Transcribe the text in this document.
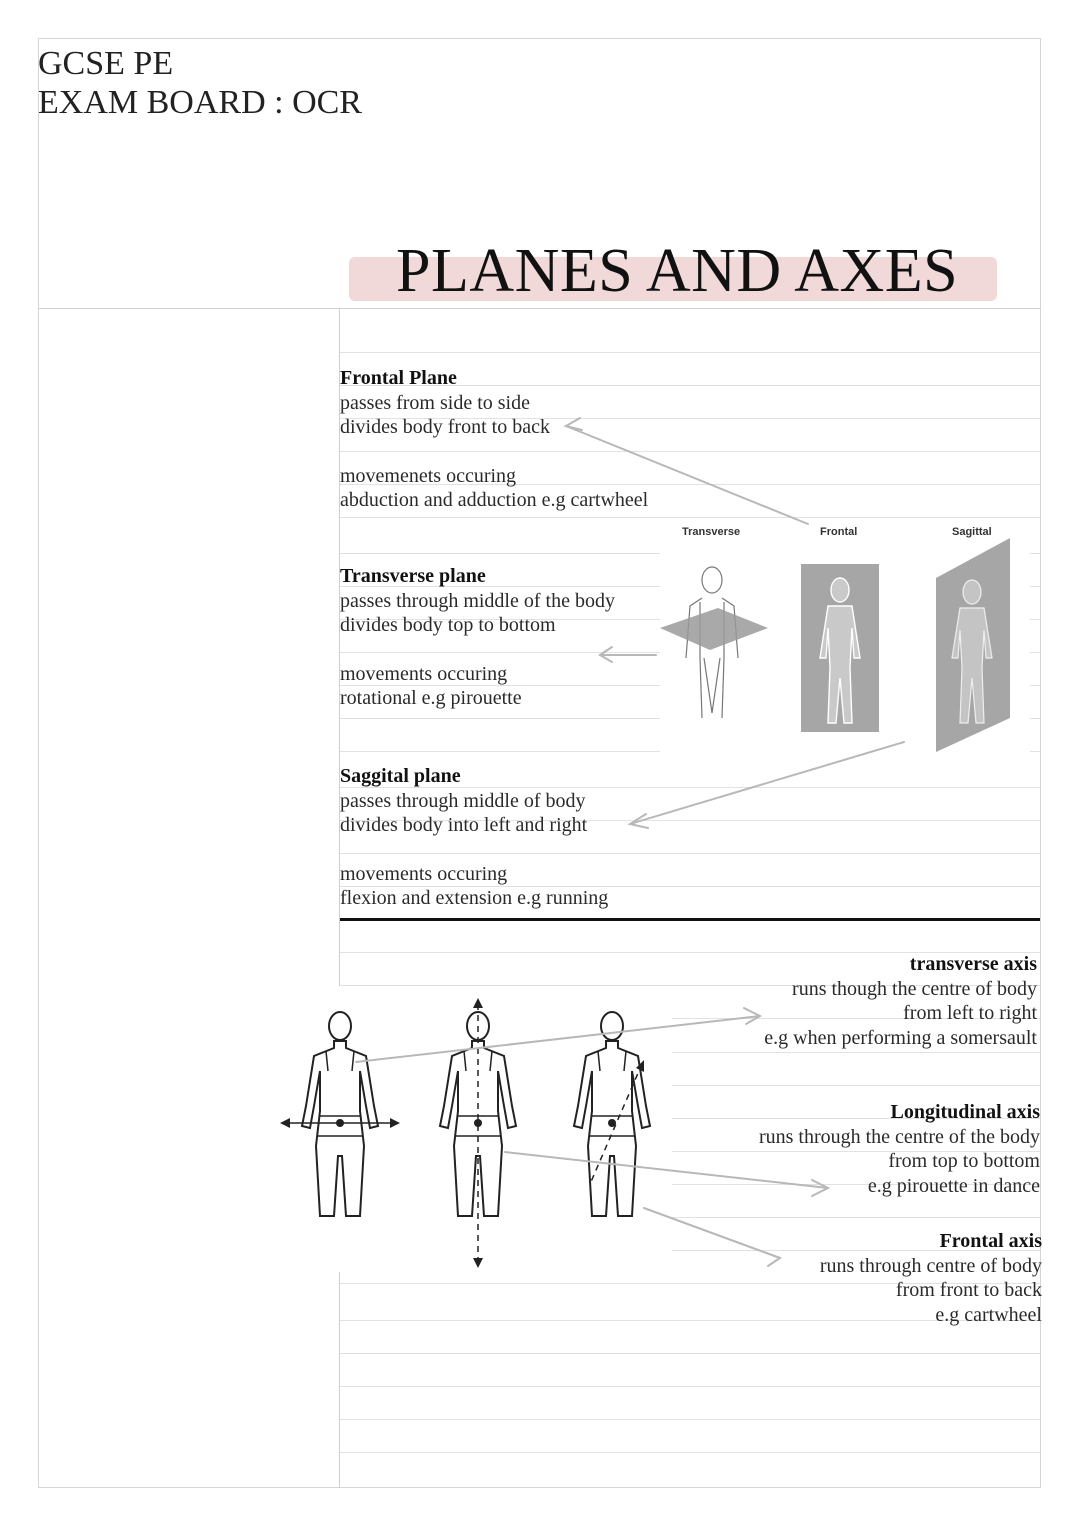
GCSE PE
EXAM BOARD : OCR
PLANES AND AXES
Frontal Plane
passes from side to side
divides body front to back
movemenets occuring
abduction and adduction e.g cartwheel
Transverse plane
passes through middle of the body
divides body top to bottom
movements occuring
rotational e.g pirouette
Saggital plane
passes through middle of body
divides body into left and right
movements occuring
flexion and extension e.g running
Transverse	Frontal	Sagittal
transverse axis
runs though the centre of body
from left to right
e.g when performing a somersault
Longitudinal axis
runs through the centre of the body
from top to bottom
e.g pirouette in dance
Frontal axis
runs through centre of body
from front to back
e.g cartwheel
